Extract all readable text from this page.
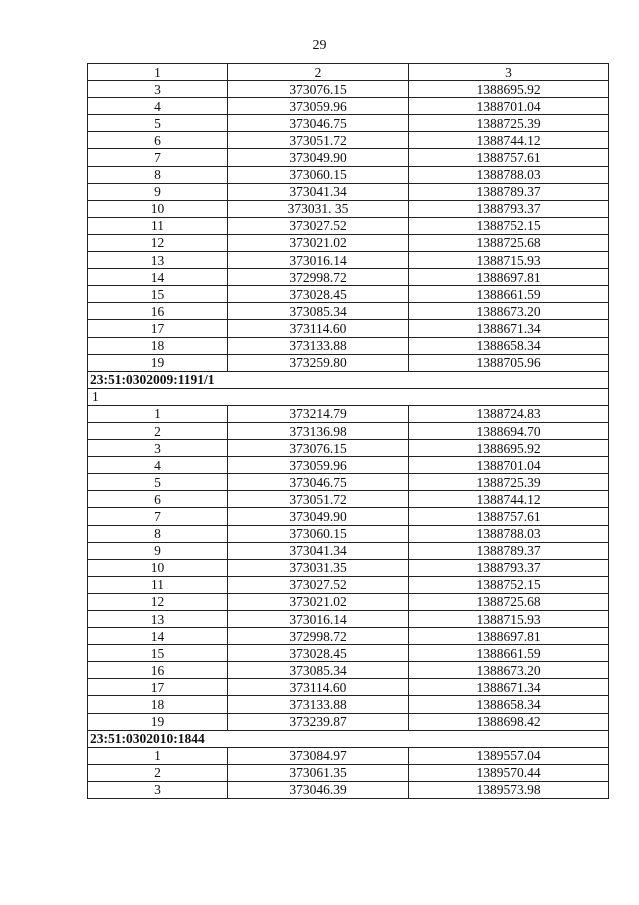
29
1	2	3
3	373076.15	1388695.92
4	373059.96	1388701.04
5	373046.75	1388725.39
6	373051.72	1388744.12
7	373049.90	1388757.61
8	373060.15	1388788.03
9	373041.34	1388789.37
10	373031. 35	1388793.37
11	373027.52	1388752.15
12	373021.02	1388725.68
13	373016.14	1388715.93
14	372998.72	1388697.81
15	373028.45	1388661.59
16	373085.34	1388673.20
17	373114.60	1388671.34
18	373133.88	1388658.34
19	373259.80	1388705.96
23:51:0302009:1191/1		
1		
1	373214.79	1388724.83
2	373136.98	1388694.70
3	373076.15	1388695.92
4	373059.96	1388701.04
5	373046.75	1388725.39
6	373051.72	1388744.12
7	373049.90	1388757.61
8	373060.15	1388788.03
9	373041.34	1388789.37
10	373031.35	1388793.37
11	373027.52	1388752.15
12	373021.02	1388725.68
13	373016.14	1388715.93
14	372998.72	1388697.81
15	373028.45	1388661.59
16	373085.34	1388673.20
17	373114.60	1388671.34
18	373133.88	1388658.34
19	373239.87	1388698.42
23:51:0302010:1844		
1	373084.97	1389557.04
2	373061.35	1389570.44
3	373046.39	1389573.98
